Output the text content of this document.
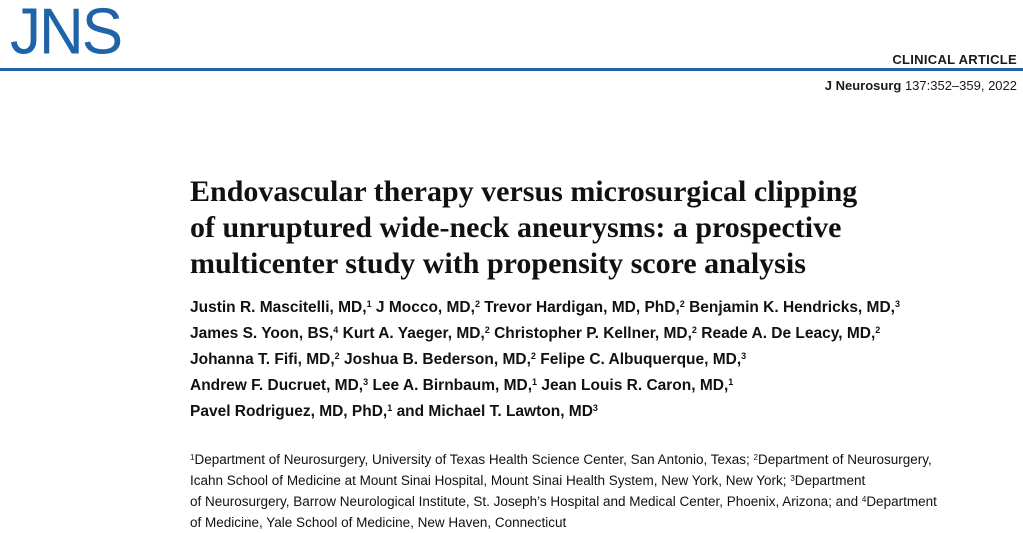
JNS	CLINICAL ARTICLE
J Neurosurg 137:352–359, 2022
Endovascular therapy versus microsurgical clipping
of unruptured wide-neck aneurysms: a prospective
multicenter study with propensity score analysis
Justin R. Mascitelli, MD,$^1$ J Mocco, MD,$^2$ Trevor Hardigan, MD, PhD,$^2$ Benjamin K. Hendricks, MD,$^3$
James S. Yoon, BS,$^4$ Kurt A. Yaeger, MD,$^2$ Christopher P. Kellner, MD,$^2$ Reade A. De Leacy, MD,$^2$
Johanna T. Fifi, MD,$^2$ Joshua B. Bederson, MD,$^2$ Felipe C. Albuquerque, MD,$^3$
Andrew F. Ducruet, MD,$^3$ Lee A. Birnbaum, MD,$^1$ Jean Louis R. Caron, MD,$^1$
Pavel Rodriguez, MD, PhD,$^1$ and Michael T. Lawton, $MD^3$
$^1$Department of Neurosurgery, University of Texas Health Science Center, San Antonio, Texas; $^2$Department of Neurosurgery,
Icahn School of Medicine at Mount Sinai Hospital, Mount Sinai Health System, New York, New York; $^3$Department
of Neurosurgery, Barrow Neurological Institute, St. Joseph’s Hospital and Medical Center, Phoenix, Arizona; and $^4$Department
of Medicine, Yale School of Medicine, New Haven, Connecticut
